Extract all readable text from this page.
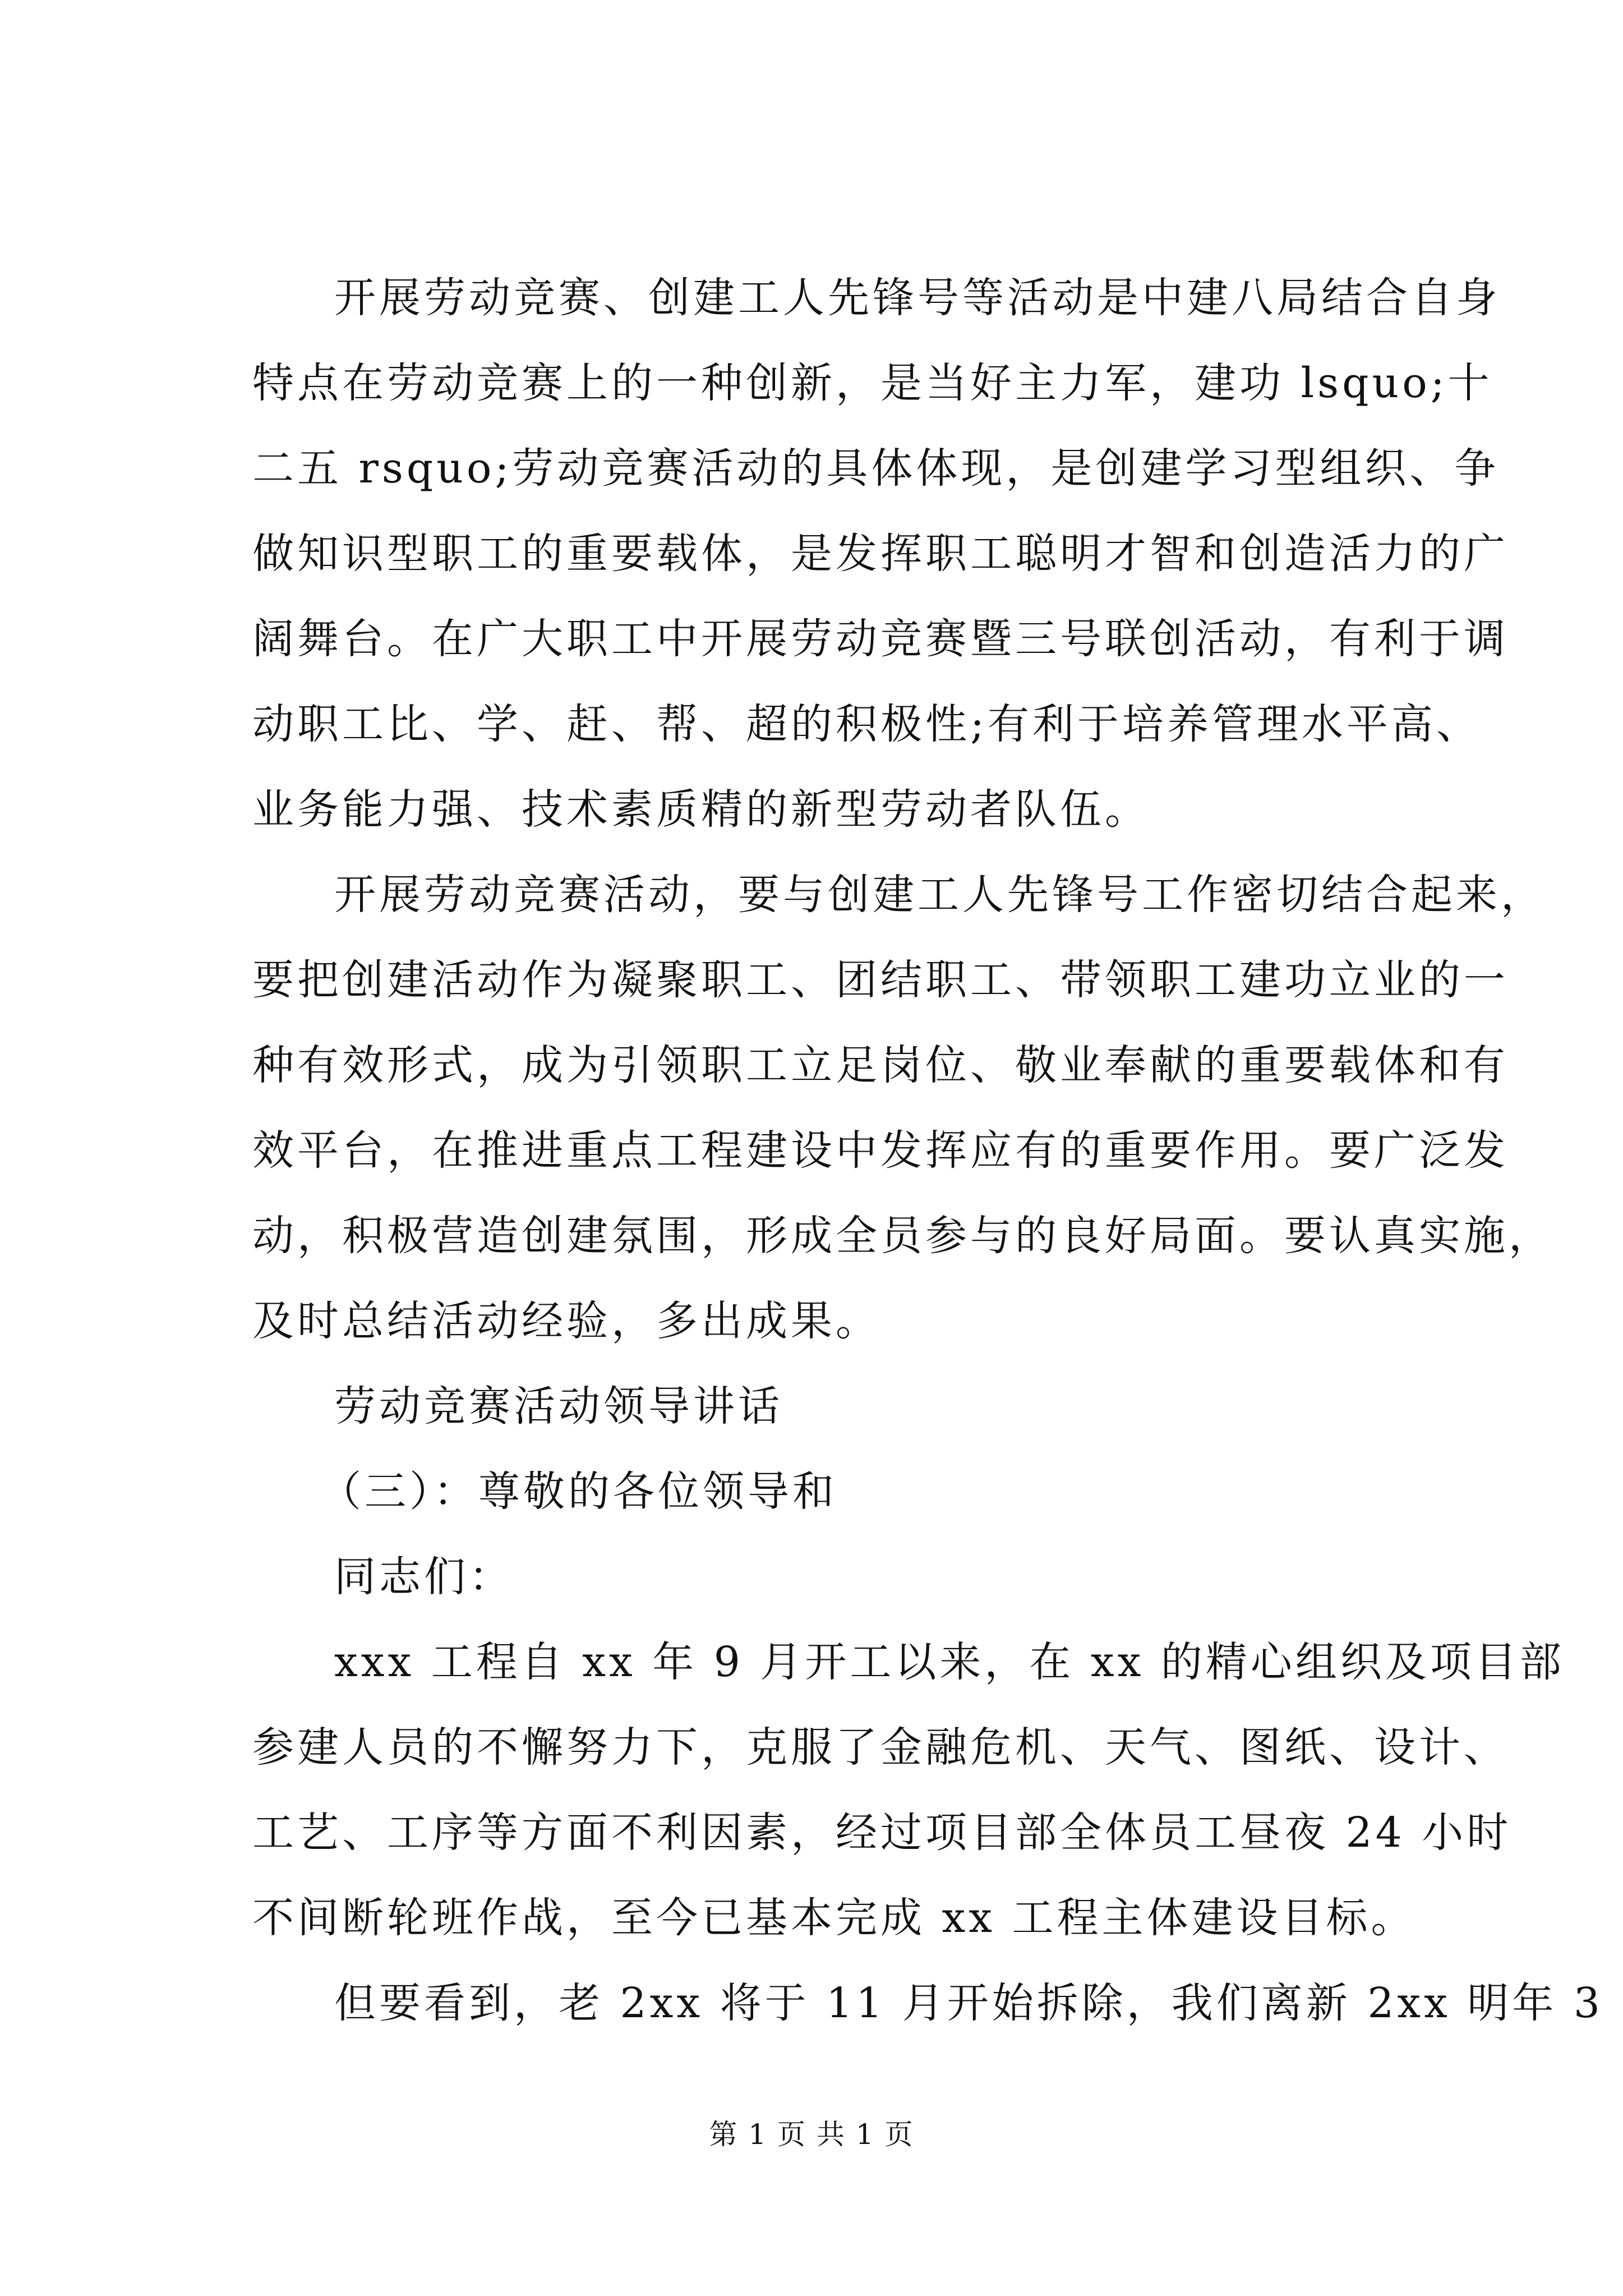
开展劳动竞赛、创建工人先锋号等活动是中建八局结合自身
特点在劳动竞赛上的一种创新，是当好主力军，建功 lsquo;十
二五 rsquo;劳动竞赛活动的具体体现，是创建学习型组织、争
做知识型职工的重要载体，是发挥职工聪明才智和创造活力的广
阔舞台。在广大职工中开展劳动竞赛暨三号联创活动，有利于调
动职工比、学、赶、帮、超的积极性;有利于培养管理水平高、
业务能力强、技术素质精的新型劳动者队伍。
开展劳动竞赛活动，要与创建工人先锋号工作密切结合起来，
要把创建活动作为凝聚职工、团结职工、带领职工建功立业的一
种有效形式，成为引领职工立足岗位、敬业奉献的重要载体和有
效平台，在推进重点工程建设中发挥应有的重要作用。要广泛发
动，积极营造创建氛围，形成全员参与的良好局面。要认真实施，
及时总结活动经验，多出成果。
劳动竞赛活动领导讲话
（三）：尊敬的各位领导和
同志们：
xxx 工程自 xx 年 9 月开工以来，在 xx 的精心组织及项目部
参建人员的不懈努力下，克服了金融危机、天气、图纸、设计、
工艺、工序等方面不利因素，经过项目部全体员工昼夜 24 小时
不间断轮班作战，至今已基本完成 xx 工程主体建设目标。
但要看到，老 2xx 将于 11 月开始拆除，我们离新 2xx 明年 3
第 1 页 共 1 页
